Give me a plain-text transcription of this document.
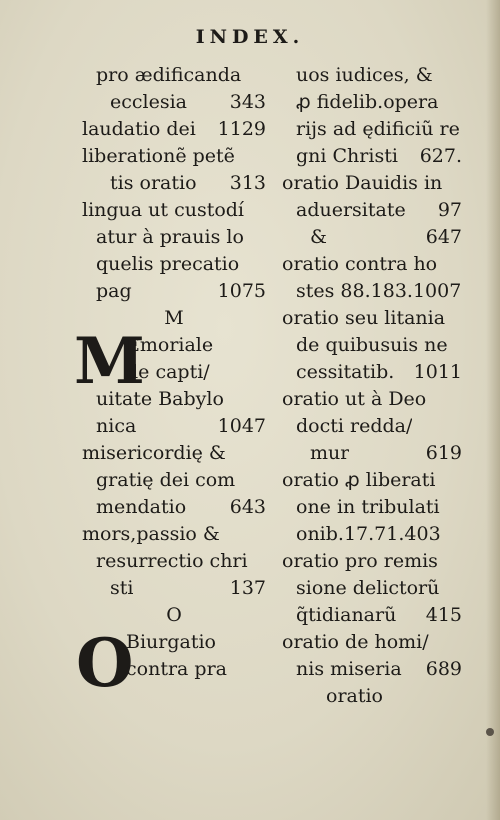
INDEX.
M
O
pro ædificanda
ecclesia	343
laudatio dei	1129
liberationẽ petẽ
tis oratio	313
lingua ut custodí
atur à prauis lo
quelis precatio
pag	1075
M
Emoriale
de capti/
uitate Babylo
nica	1047
misericordię &
gratię dei com
mendatio	643
mors,passio &
resurrectio chri
sti	137
O
Biurgatio
contra pra
uos iudices, &
ꝓ fidelib.opera
rijs ad ędificiũ re
gni Christi	627.
oratio Dauidis in
aduersitate	97
&	647
oratio contra ho
stes 88.183.1007
oratio seu litania
de quibusuis ne
cessitatib.	1011
oratio ut à Deo
docti redda/
mur	619
oratio ꝓ liberati
one in tribulati
onib.17.71.403
oratio pro remis
sione delictorũ
q̃tidianarũ	415
oratio de homi/
nis miseria	689
oratio
